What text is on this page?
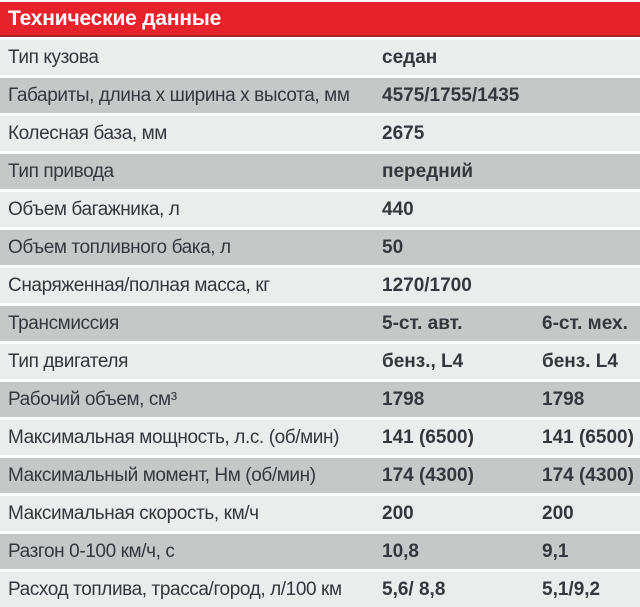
Технические данные
Тип кузова	седан
Габариты, длина х ширина х высота, мм	4575/1755/1435
Колесная база, мм	2675
Тип привода	передний
Объем багажника, л	440
Объем топливного бака, л	50
Снаряженная/полная масса, кг	1270/1700
Трансмиссия	5-ст. авт.	6-ст. мех.
Тип двигателя	бенз., L4	бенз. L4
Рабочий объем, см³	1798	1798
Максимальная мощность, л.с. (об/мин)	141 (6500)	141 (6500)
Максимальный момент, Нм (об/мин)	174 (4300)	174 (4300)
Максимальная скорость, км/ч	200	200
Разгон 0-100 км/ч, с	10,8	9,1
Расход топлива, трасса/город, л/100 км	5,6/ 8,8	5,1/9,2
